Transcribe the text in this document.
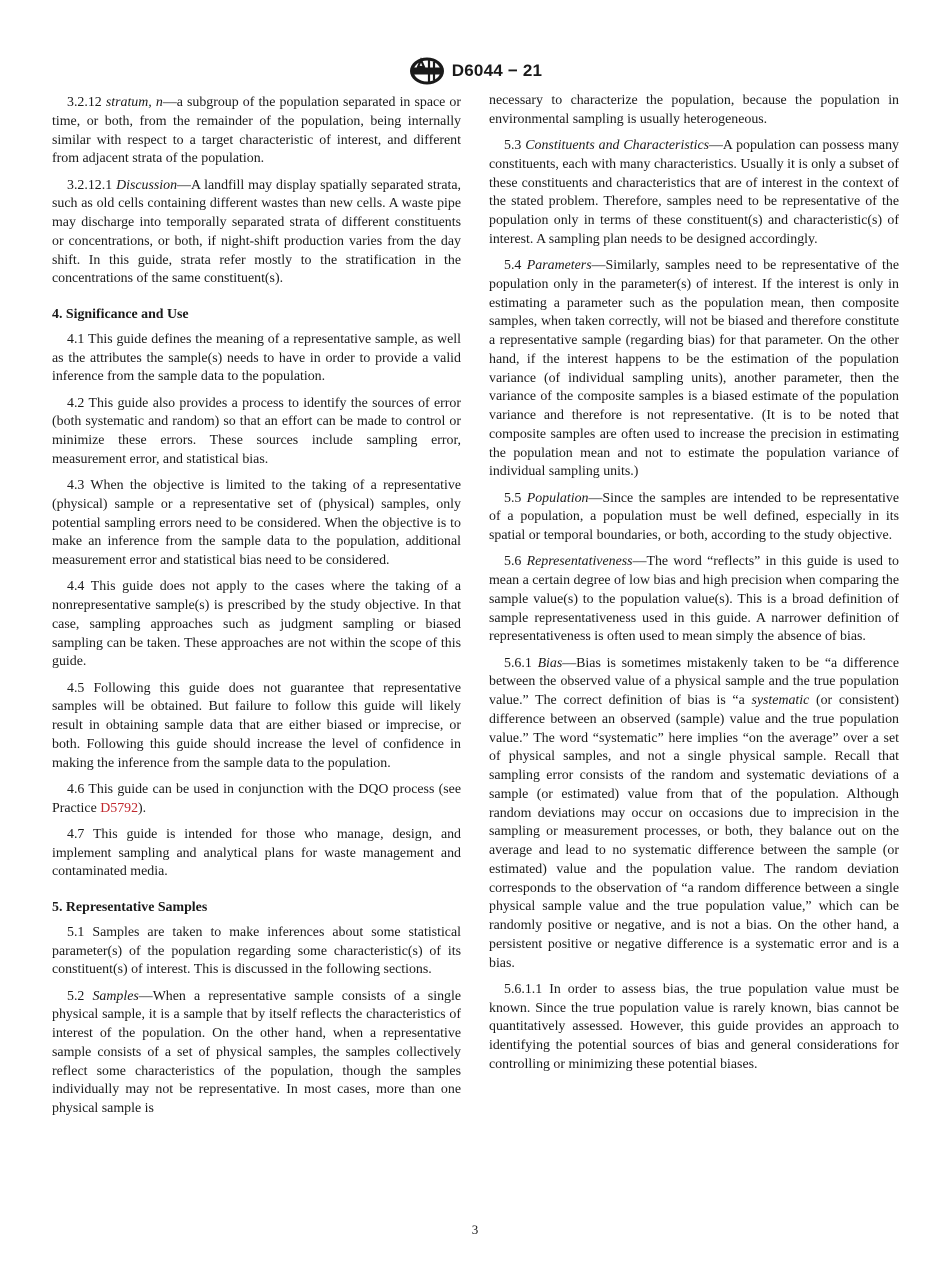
D6044 − 21

3.2.12 stratum, n—a subgroup of the population separated in space or time, or both, from the remainder of the population, being internally similar with respect to a target characteristic of interest, and different from adjacent strata of the population.

3.2.12.1 Discussion—A landfill may display spatially separated strata, such as old cells containing different wastes than new cells. A waste pipe may discharge into temporally separated strata of different constituents or concentrations, or both, if night-shift production varies from the day shift. In this guide, strata refer mostly to the stratification in the concentrations of the same constituent(s).

4. Significance and Use

4.1 This guide defines the meaning of a representative sample, as well as the attributes the sample(s) needs to have in order to provide a valid inference from the sample data to the population.

4.2 This guide also provides a process to identify the sources of error (both systematic and random) so that an effort can be made to control or minimize these errors. These sources include sampling error, measurement error, and statistical bias.

4.3 When the objective is limited to the taking of a representative (physical) sample or a representative set of (physical) samples, only potential sampling errors need to be considered. When the objective is to make an inference from the sample data to the population, additional measurement error and statistical bias need to be considered.

4.4 This guide does not apply to the cases where the taking of a nonrepresentative sample(s) is prescribed by the study objective. In that case, sampling approaches such as judgment sampling or biased sampling can be taken. These approaches are not within the scope of this guide.

4.5 Following this guide does not guarantee that representative samples will be obtained. But failure to follow this guide will likely result in obtaining sample data that are either biased or imprecise, or both. Following this guide should increase the level of confidence in making the inference from the sample data to the population.

4.6 This guide can be used in conjunction with the DQO process (see Practice D5792).

4.7 This guide is intended for those who manage, design, and implement sampling and analytical plans for waste management and contaminated media.

5. Representative Samples

5.1 Samples are taken to make inferences about some statistical parameter(s) of the population regarding some characteristic(s) of its constituent(s) of interest. This is discussed in the following sections.

5.2 Samples—When a representative sample consists of a single physical sample, it is a sample that by itself reflects the characteristics of interest of the population. On the other hand, when a representative sample consists of a set of physical samples, the samples collectively reflect some characteristics of the population, though the samples individually may not be representative. In most cases, more than one physical sample is

necessary to characterize the population, because the population in environmental sampling is usually heterogeneous.

5.3 Constituents and Characteristics—A population can possess many constituents, each with many characteristics. Usually it is only a subset of these constituents and characteristics that are of interest in the context of the stated problem. Therefore, samples need to be representative of the population only in terms of these constituent(s) and characteristic(s) of interest. A sampling plan needs to be designed accordingly.

5.4 Parameters—Similarly, samples need to be representative of the population only in the parameter(s) of interest. If the interest is only in estimating a parameter such as the population mean, then composite samples, when taken correctly, will not be biased and therefore constitute a representative sample (regarding bias) for that parameter. On the other hand, if the interest happens to be the estimation of the population variance (of individual sampling units), another parameter, then the variance of the composite samples is a biased estimate of the population variance and therefore is not representative. (It is to be noted that composite samples are often used to increase the precision in estimating the population mean and not to estimate the population variance of individual sampling units.)

5.5 Population—Since the samples are intended to be representative of a population, a population must be well defined, especially in its spatial or temporal boundaries, or both, according to the study objective.

5.6 Representativeness—The word “reflects” in this guide is used to mean a certain degree of low bias and high precision when comparing the sample value(s) to the population value(s). This is a broad definition of sample representativeness used in this guide. A narrower definition of representativeness is often used to mean simply the absence of bias.

5.6.1 Bias—Bias is sometimes mistakenly taken to be “a difference between the observed value of a physical sample and the true population value.” The correct definition of bias is “a systematic (or consistent) difference between an observed (sample) value and the true population value.” The word “systematic” here implies “on the average” over a set of physical samples, and not a single physical sample. Recall that sampling error consists of the random and systematic deviations of a sample (or estimated) value from that of the population. Although random deviations may occur on occasions due to imprecision in the sampling or measurement processes, or both, they balance out on the average and lead to no systematic difference between the sample (or estimated) value and the population value. The random deviation corresponds to the observation of “a random difference between a single physical sample value and the true population value,” which can be randomly positive or negative, and is not a bias. On the other hand, a persistent positive or negative difference is a systematic error and is a bias.

5.6.1.1 In order to assess bias, the true population value must be known. Since the true population value is rarely known, bias cannot be quantitatively assessed. However, this guide provides an approach to identifying the potential sources of bias and general considerations for controlling or minimizing these potential biases.

3
